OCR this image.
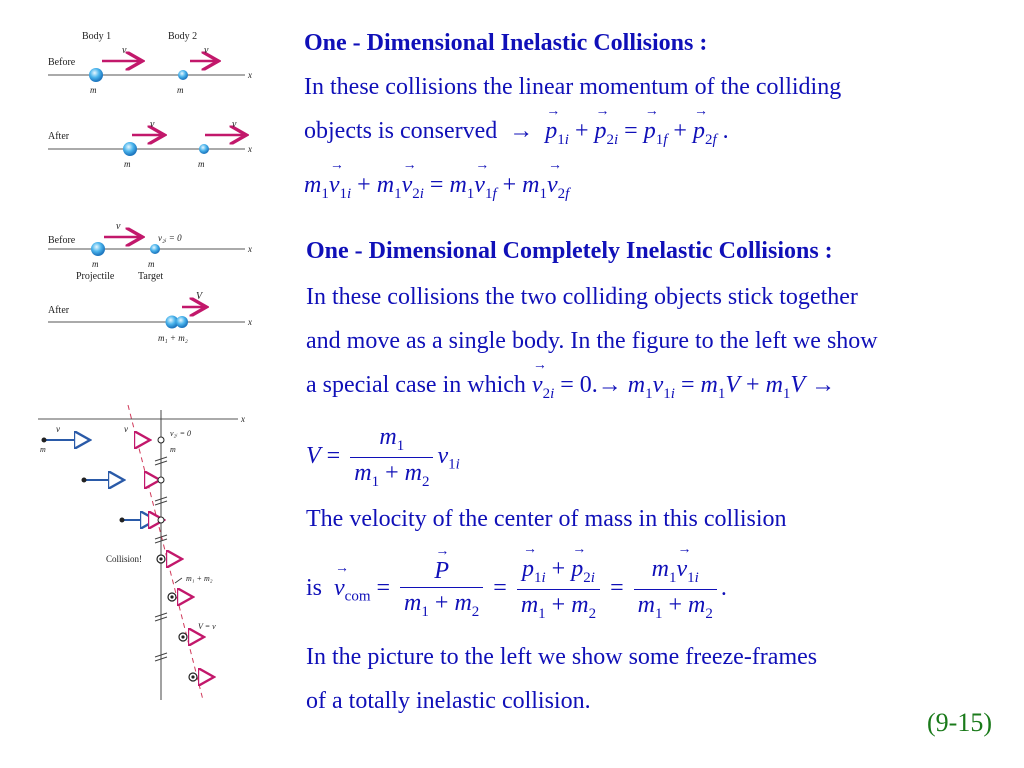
Body 1	Body 2
Before
x
v	v
m	m
After
x
v	v
m	m
Before
x
v
v₂ᵢ = 0
m	m
Projectile Target
After
x
V
m₁ + m₂
x
v
m
v	v₂ᵢ = 0
m
Collision!
m₁ + m₂
V = v
One - Dimensional Inelastic Collisions :
In these collisions the linear momentum of the colliding
objects is conserved  →  → $p_{1i}$ + → $p_{2i}$ = → $p_{1f}$ + → $p_{2f}$ .
$m_1\to v_{1i} + m_1\to v_{2i} = m_1\to v_{1f} + m_1\to v_{2f}$
One - Dimensional Completely Inelastic Collisions :
In these collisions the two colliding objects stick together
and move as a single body. In the figure to the left we show
a special case in which → $v_{2i} = 0.\to m_1v_{1i} = m_1V + m_1V$ →
$V = \frac{m_1}{m_1 + m_2} v_{1i}$
The velocity of the center of mass in this collision
is → $v_{com}$ = → $\frac{P}{m_1 + m_2}$ = → $\frac{p_{1i} + \to p_{2i}}{m_1 + m_2} = \frac{m_1\to v_{1i}}{m_1 + m_2}$ .
In the picture to the left we show some freeze-frames
of a totally inelastic collision.
(9-15)
